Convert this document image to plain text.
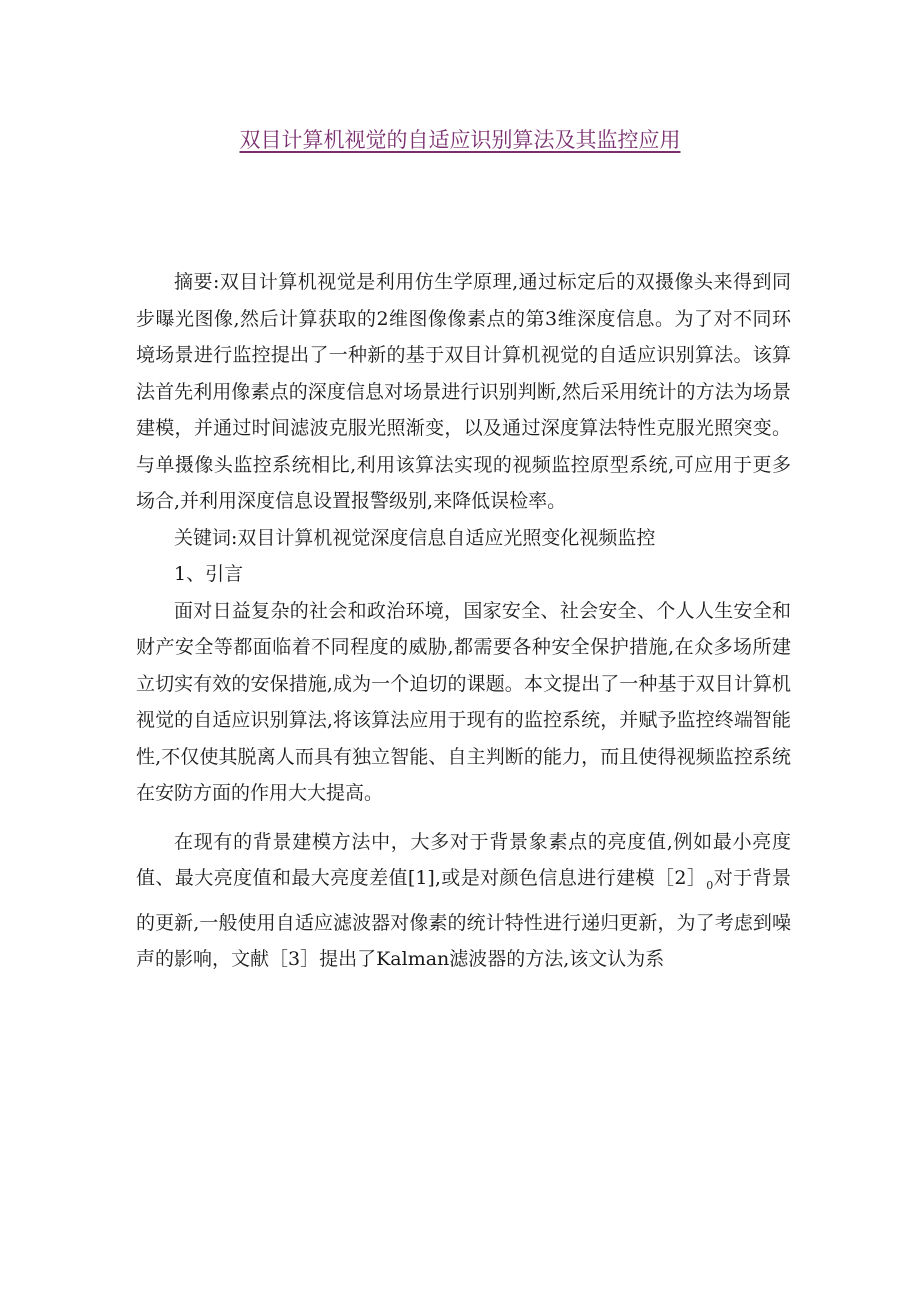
双目计算机视觉的自适应识别算法及其监控应用

摘要:双目计算机视觉是利用仿生学原理,通过标定后的双摄像头来得到同步曝光图像,然后计算获取的2维图像像素点的第3维深度信息。为了对不同环境场景进行监控提出了一种新的基于双目计算机视觉的自适应识别算法。该算法首先利用像素点的深度信息对场景进行识别判断,然后采用统计的方法为场景建模，并通过时间滤波克服光照渐变，以及通过深度算法特性克服光照突变。与单摄像头监控系统相比,利用该算法实现的视频监控原型系统,可应用于更多场合,并利用深度信息设置报警级别,来降低误检率。

关键词:双目计算机视觉深度信息自适应光照变化视频监控

1、引言

面对日益复杂的社会和政治环境，国家安全、社会安全、个人人生安全和财产安全等都面临着不同程度的威胁,都需要各种安全保护措施,在众多场所建立切实有效的安保措施,成为一个迫切的课题。本文提出了一种基于双目计算机视觉的自适应识别算法,将该算法应用于现有的监控系统，并赋予监控终端智能性,不仅使其脱离人而具有独立智能、自主判断的能力，而且使得视频监控系统在安防方面的作用大大提高。

在现有的背景建模方法中，大多对于背景象素点的亮度值,例如最小亮度值、最大亮度值和最大亮度差值[1],或是对颜色信息进行建模$[2]_0$对于背景的更新,一般使用自适应滤波器对像素的统计特性进行递归更新，为了考虑到噪声的影响，文献［3］提出了Kalman滤波器的方法,该文认为系
